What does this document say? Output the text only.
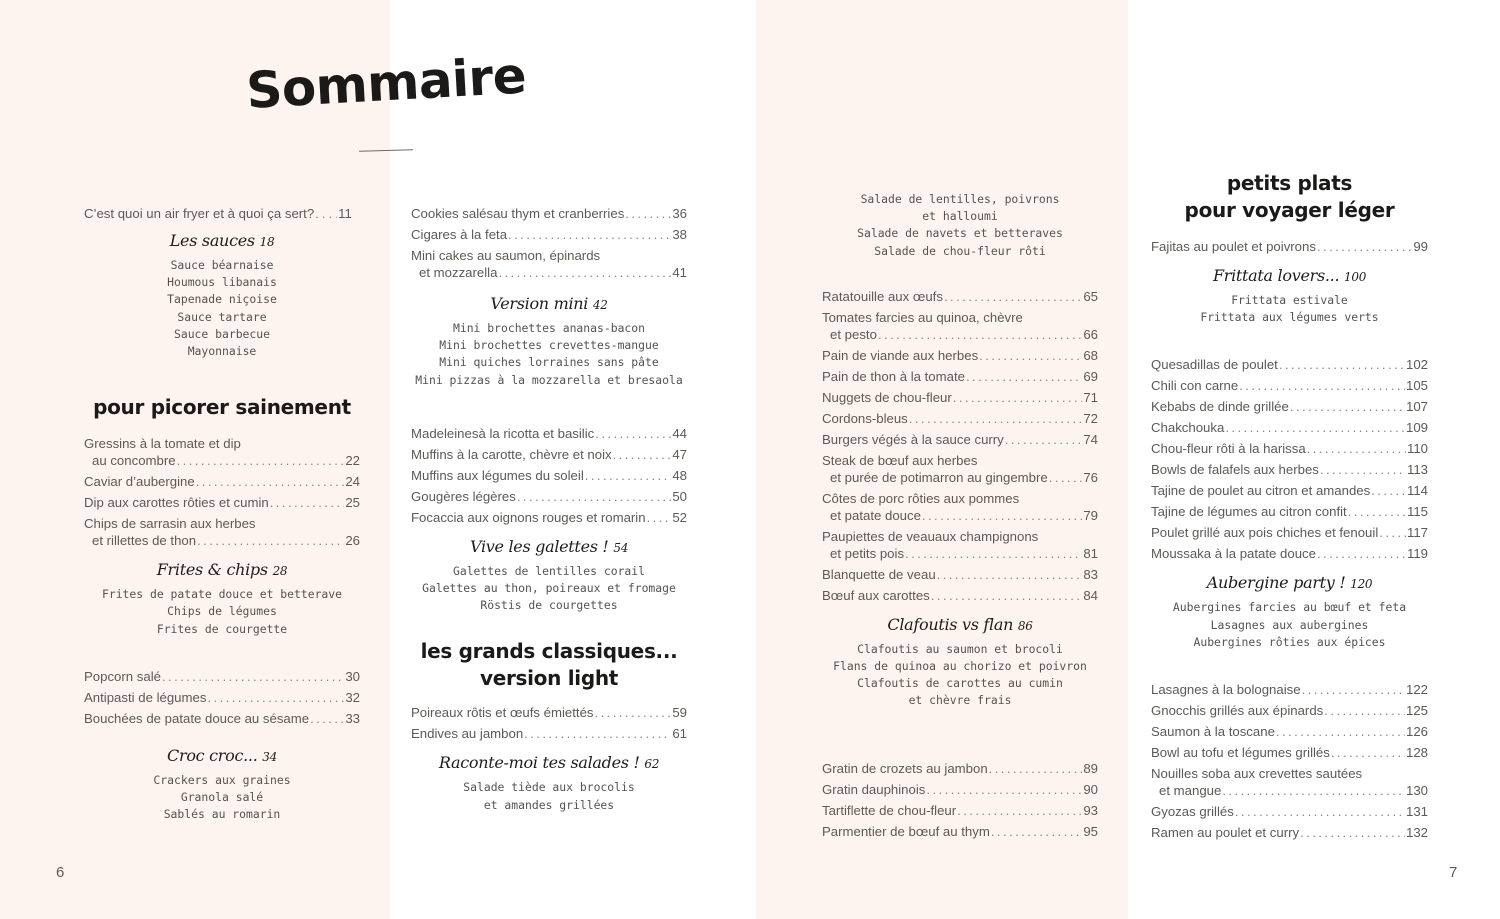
Sommaire
C’est quoi un air fryer et à quoi ça sert? ..... 11
Les sauces 18
Sauce béarnaise
Houmous libanais
Tapenade niçoise
Sauce tartare
Sauce barbecue
Mayonnaise
pour picorer sainement
Gressins à la tomate et dip
au concombre .....	22
Caviar d’aubergine .....	24
Dip aux carottes rôties et cumin .....	25
Chips de sarrasin aux herbes
et rillettes de thon .....	26
Frites & chips 28
Frites de patate douce et betterave
Chips de légumes
Frites de courgette
Popcorn salé .....	30
Antipasti de légumes .....	32
Bouchées de patate douce au sésame .....	33
Croc croc... 34
Crackers aux graines
Granola salé
Sablés au romarin
Cookies salésau thym et cranberries .....	36
Cigares à la feta .....	38
Mini cakes au saumon, épinards
et mozzarella .....	41
Version mini 42
Mini brochettes ananas-bacon
Mini brochettes crevettes-mangue
Mini quiches lorraines sans pâte
Mini pizzas à la mozzarella et bresaola
Madeleinesà la ricotta et basilic .....	44
Muffins à la carotte, chèvre et noix .....	47
Muffins aux légumes du soleil .....	48
Gougères légères .....	50
Focaccia aux oignons rouges et romarin ..... 52
Vive les galettes ! 54
Galettes de lentilles corail
Galettes au thon, poireaux et fromage
Röstis de courgettes
les grands classiques...
version light
Poireaux rôtis et œufs émiettés .....	59
Endives au jambon .....	61
Raconte-moi tes salades ! 62
Salade tiède aux brocolis
et amandes grillées
Salade de lentilles, poivrons
et halloumi
Salade de navets et betteraves
Salade de chou-fleur rôti
Ratatouille aux œufs .....	65
Tomates farcies au quinoa, chèvre
et pesto .....	66
Pain de viande aux herbes .....	68
Pain de thon à la tomate .....	69
Nuggets de chou-fleur .....	71
Cordons-bleus .....	72
Burgers végés à la sauce curry .....	74
Steak de bœuf aux herbes
et purée de potimarron au gingembre .....	76
Côtes de porc rôties aux pommes
et patate douce .....	79
Paupiettes de veauaux champignons
et petits pois .....	81
Blanquette de veau .....	83
Bœuf aux carottes .....	84
Clafoutis vs flan 86
Clafoutis au saumon et brocoli
Flans de quinoa au chorizo et poivron
Clafoutis de carottes au cumin
et chèvre frais
Gratin de crozets au jambon .....	89
Gratin dauphinois .....	90
Tartiflette de chou-fleur .....	93
Parmentier de bœuf au thym .....	95
petits plats
pour voyager léger
Fajitas au poulet et poivrons .....	99
Frittata lovers... 100
Frittata estivale
Frittata aux légumes verts
Quesadillas de poulet .....	102
Chili con carne .....	105
Kebabs de dinde grillée .....	107
Chakchouka .....	109
Chou-fleur rôti à la harissa .....	110
Bowls de falafels aux herbes .....	113
Tajine de poulet au citron et amandes .....	114
Tajine de légumes au citron confit .....	115
Poulet grillé aux pois chiches et fenouil ..... 117
Moussaka à la patate douce .....	119
Aubergine party ! 120
Aubergines farcies au bœuf et feta
Lasagnes aux aubergines
Aubergines rôties aux épices
Lasagnes à la bolognaise .....	122
Gnocchis grillés aux épinards .....	125
Saumon à la toscane .....	126
Bowl au tofu et légumes grillés .....	128
Nouilles soba aux crevettes sautées
et mangue .....	130
Gyozas grillés .....	131
Ramen au poulet et curry .....	132
6	7
